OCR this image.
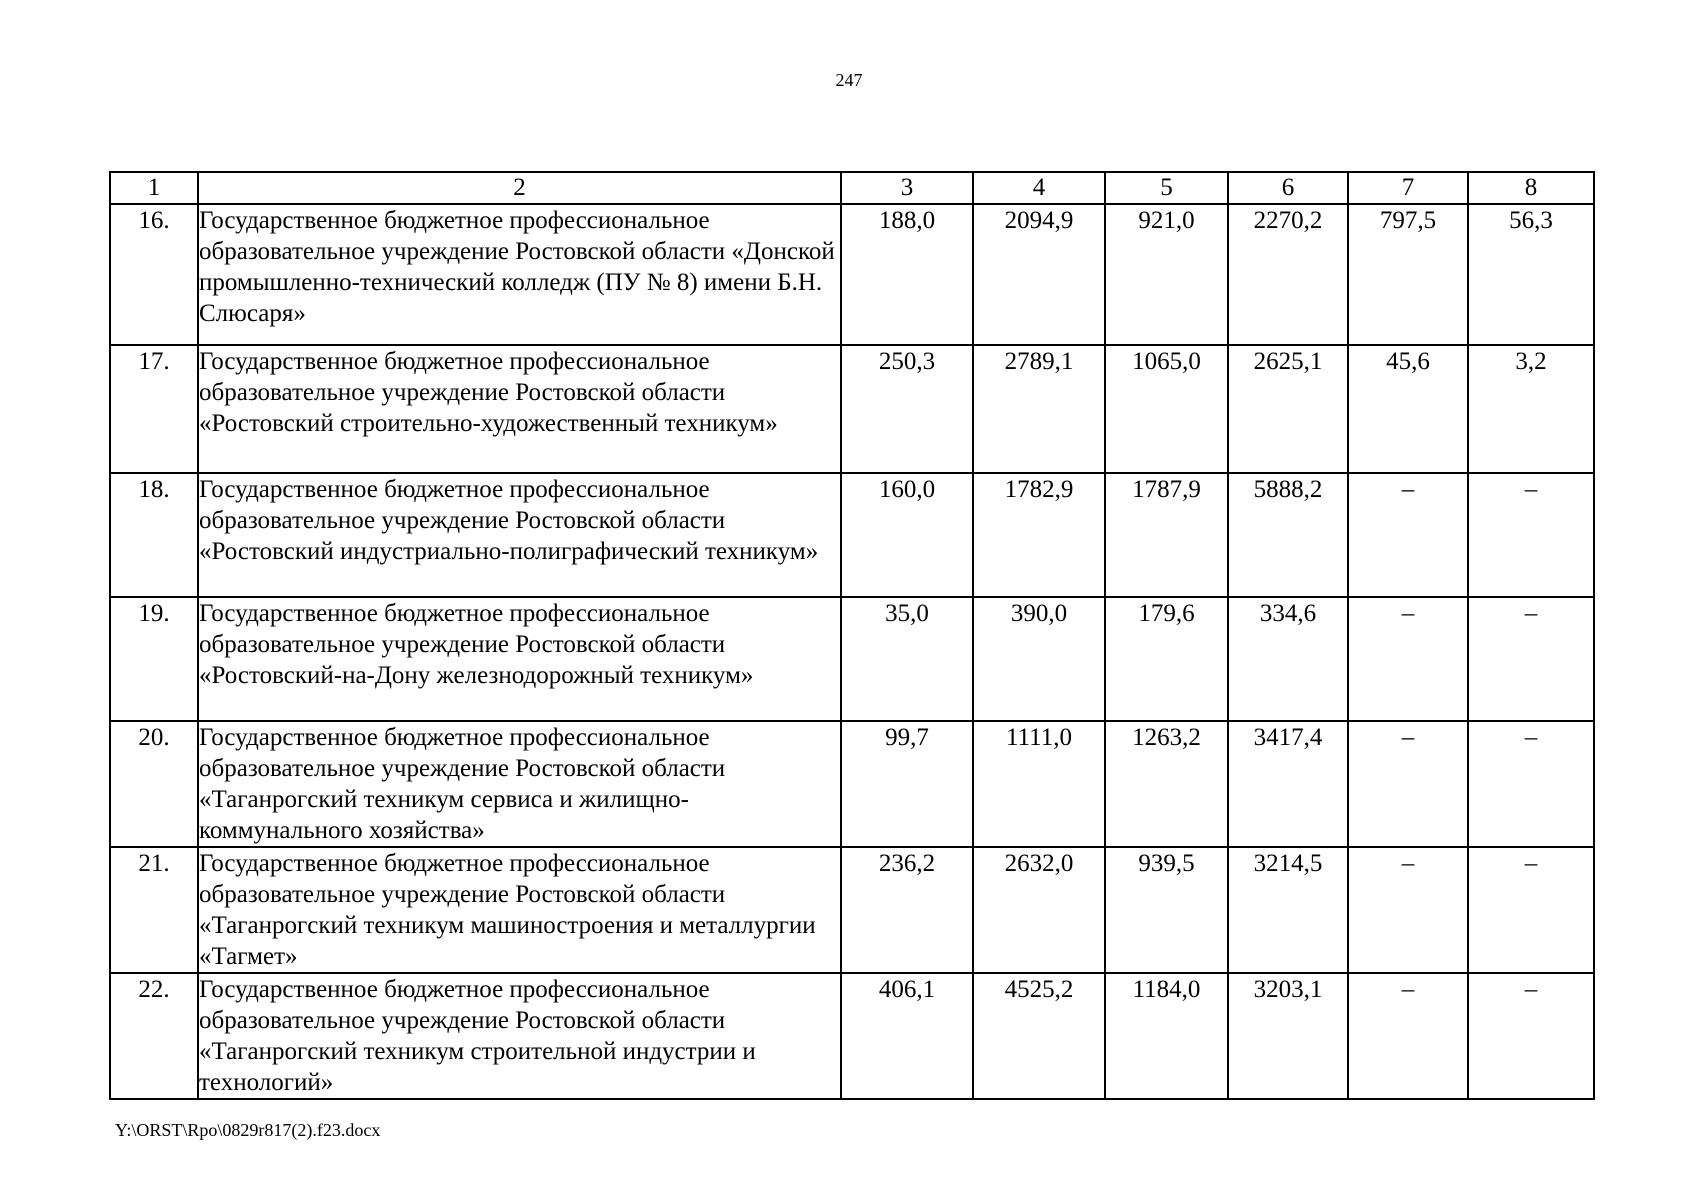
247
1	2	3	4	5	6	7	8
16.	Государственное бюджетное профессиональное образовательное учреждение Ростовской области «Донской промышленно-технический колледж (ПУ № 8) имени Б.Н. Слюсаря»	188,0	2094,9	921,0	2270,2	797,5	56,3
17.	Государственное бюджетное профессиональное образовательное учреждение Ростовской области «Ростовский строительно-художественный техникум»	250,3	2789,1	1065,0	2625,1	45,6	3,2
18.	Государственное бюджетное профессиональное образовательное учреждение Ростовской области «Ростовский индустриально-полиграфический техникум»	160,0	1782,9	1787,9	5888,2	–	–
19.	Государственное бюджетное профессиональное образовательное учреждение Ростовской области «Ростовский-на-Дону железнодорожный техникум»	35,0	390,0	179,6	334,6	–	–
20.	Государственное бюджетное профессиональное образовательное учреждение Ростовской области «Таганрогский техникум сервиса и жилищно-коммунального хозяйства»	99,7	1111,0	1263,2	3417,4	–	–
21.	Государственное бюджетное профессиональное образовательное учреждение Ростовской области «Таганрогский техникум машиностроения и металлургии «Тагмет»	236,2	2632,0	939,5	3214,5	–	–
22.	Государственное бюджетное профессиональное образовательное учреждение Ростовской области «Таганрогский техникум строительной индустрии и технологий»	406,1	4525,2	1184,0	3203,1	–	–
Y:\ORST\Rpo\0829r817(2).f23.docx
